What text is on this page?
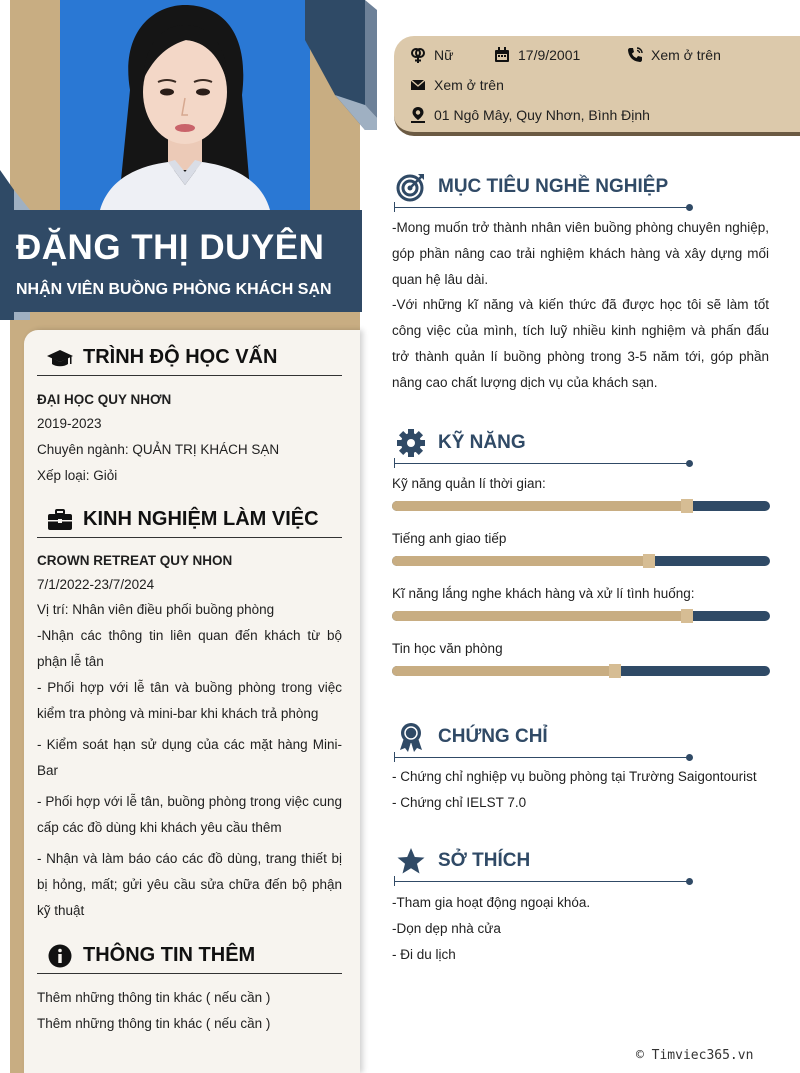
ĐẶNG THỊ DUYÊN
NHẬN VIÊN BUỒNG PHÒNG KHÁCH SẠN
TRÌNH ĐỘ HỌC VẤN
ĐẠI HỌC QUY NHƠN
2019-2023
Chuyên ngành: QUẢN TRỊ KHÁCH SẠN
Xếp loại: Giỏi
KINH NGHIỆM LÀM VIỆC
CROWN RETREAT QUY NHON
7/1/2022-23/7/2024
Vị trí: Nhân viên điều phối buồng phòng
-Nhận các thông tin liên quan đến khách từ bộ phận lễ tân
- Phối hợp với lễ tân và buồng phòng trong việc kiểm tra phòng và mini-bar khi khách trả phòng
- Kiểm soát hạn sử dụng của các mặt hàng Mini-Bar
- Phối hợp với lễ tân, buồng phòng trong việc cung cấp các đồ dùng khi khách yêu cầu thêm
- Nhận và làm báo cáo các đồ dùng, trang thiết bị bị hỏng, mất; gửi yêu cầu sửa chữa đến bộ phận kỹ thuật
THÔNG TIN THÊM
Thêm những thông tin khác ( nếu cần )
Thêm những thông tin khác ( nếu cần )
Nữ	17/9/2001	Xem ở trên
Xem ở trên
01 Ngô Mây, Quy Nhơn, Bình Định
MỤC TIÊU NGHỀ NGHIỆP
-Mong muốn trở thành nhân viên buồng phòng chuyên nghiệp, góp phần nâng cao trải nghiệm khách hàng và xây dựng mối quan hệ lâu dài.
-Với những kĩ năng và kiến thức đã được học tôi sẽ làm tốt công việc của mình, tích luỹ nhiều kinh nghiệm và phấn đấu trở thành quản lí buồng phòng trong 3-5 năm tới, góp phần nâng cao chất lượng dịch vụ của khách sạn.
KỸ NĂNG
Kỹ năng quản lí thời gian:
Tiếng anh giao tiếp
Kĩ năng lắng nghe khách hàng và xử lí tình huống:
Tin học văn phòng
CHỨNG CHỈ
- Chứng chỉ nghiệp vụ buồng phòng tại Trường Saigontourist
- Chứng chỉ IELST 7.0
SỞ THÍCH
-Tham gia hoạt động ngoại khóa.
-Dọn dẹp nhà cửa
- Đi du lịch
© Timviec365.vn
